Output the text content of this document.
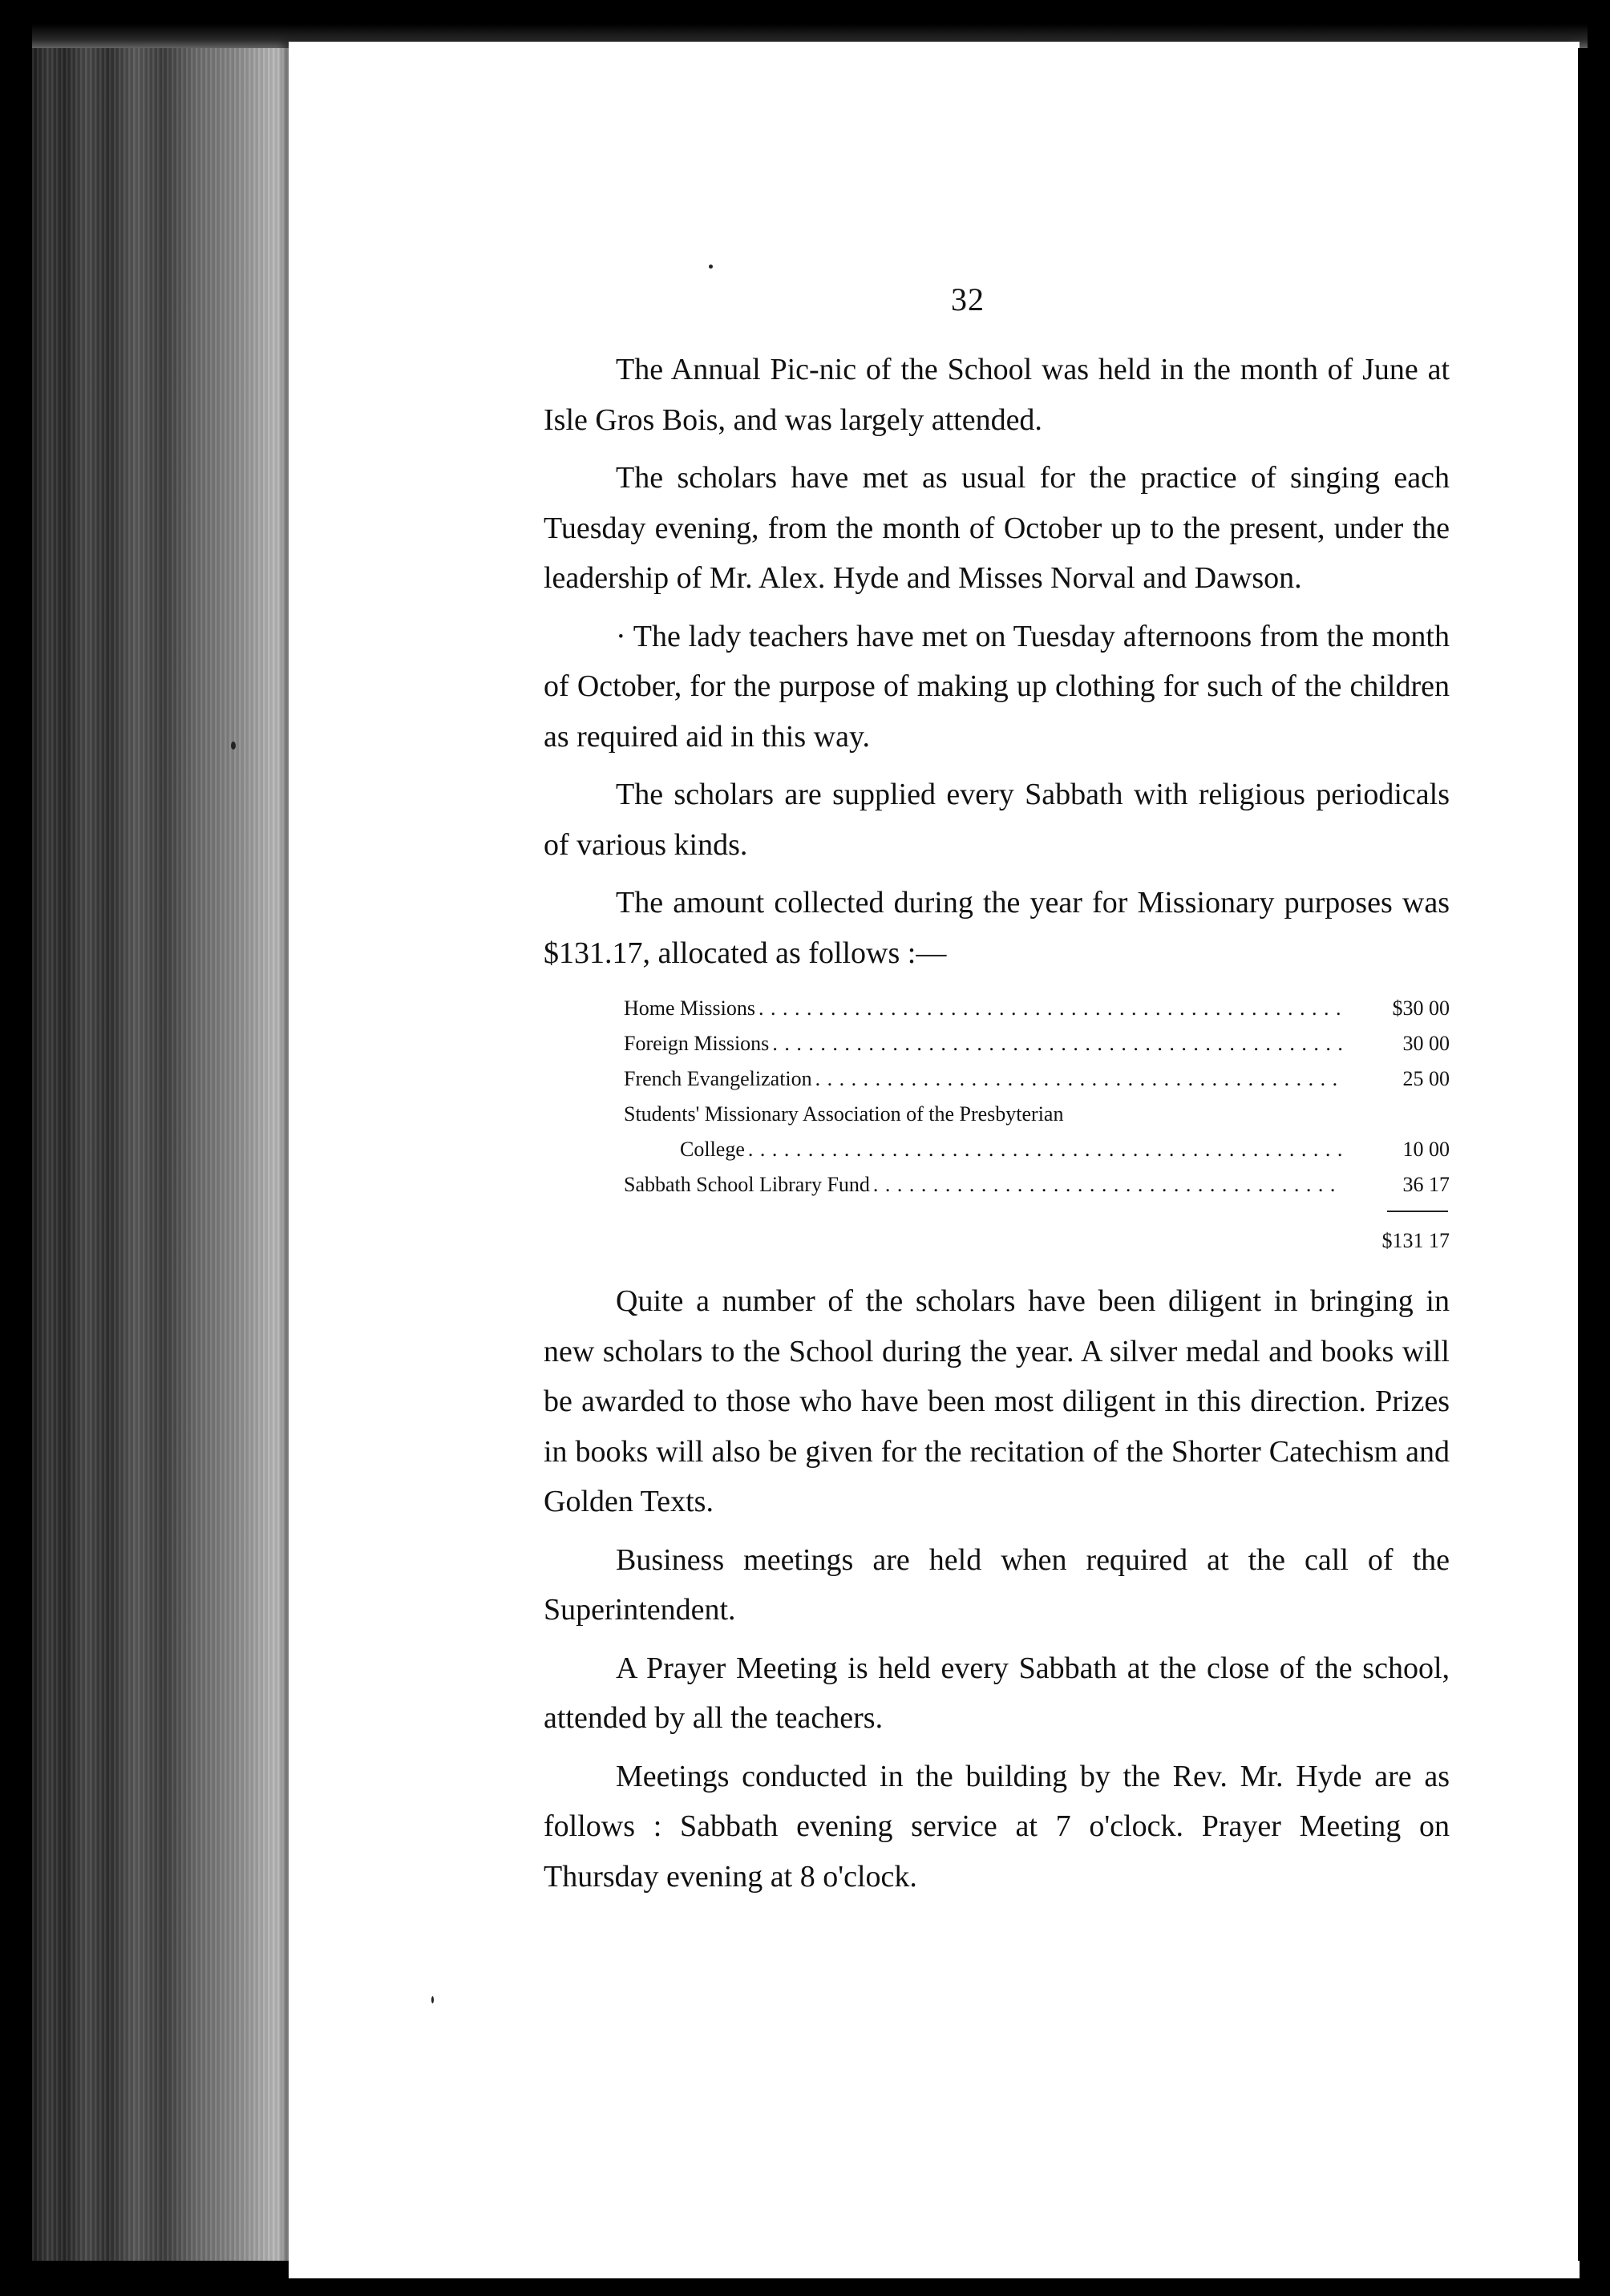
32

The Annual Pic-nic of the School was held in the month of June at Isle Gros Bois, and was largely attended.

The scholars have met as usual for the practice of singing each Tuesday evening, from the month of October up to the present, under the leadership of Mr. Alex. Hyde and Misses Norval and Dawson.

· The lady teachers have met on Tuesday afternoons from the month of October, for the purpose of making up clothing for such of the children as required aid in this way.

The scholars are supplied every Sabbath with religious periodicals of various kinds.

The amount collected during the year for Missionary purposes was $131.17, allocated as follows :—

Home Missions . . .	$30 00
Foreign Missions . . .	30 00
French Evangelization . . .	25 00
Students' Missionary Association of the Presbyterian
College . . .	10 00
Sabbath School Library Fund . . .	36 17
$131 17

Quite a number of the scholars have been diligent in bringing in new scholars to the School during the year. A silver medal and books will be awarded to those who have been most diligent in this direction. Prizes in books will also be given for the recitation of the Shorter Catechism and Golden Texts.

Business meetings are held when required at the call of the Superintendent.

A Prayer Meeting is held every Sabbath at the close of the school, attended by all the teachers.

Meetings conducted in the building by the Rev. Mr. Hyde are as follows : Sabbath evening service at 7 o'clock. Prayer Meeting on Thursday evening at 8 o'clock.
